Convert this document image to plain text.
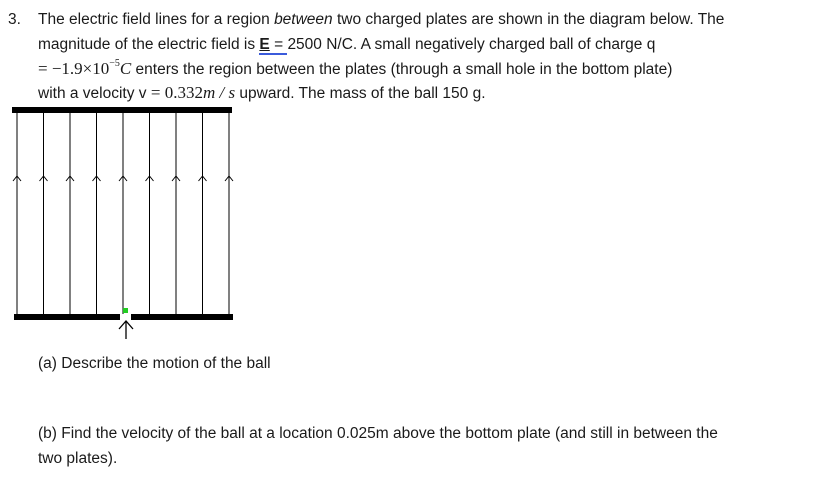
3. The electric field lines for a region between two charged plates are shown in the diagram below. The
magnitude of the electric field is E = 2500 N/C. A small negatively charged ball of charge q
= $-1.9\times 10^{-5}C$ enters the region between the plates (through a small hole in the bottom plate)
with a velocity v = 0.332m / s upward. The mass of the ball 150 g.
(a) Describe the motion of the ball
(b) Find the velocity of the ball at a location 0.025m above the bottom plate (and still in between the
two plates).
